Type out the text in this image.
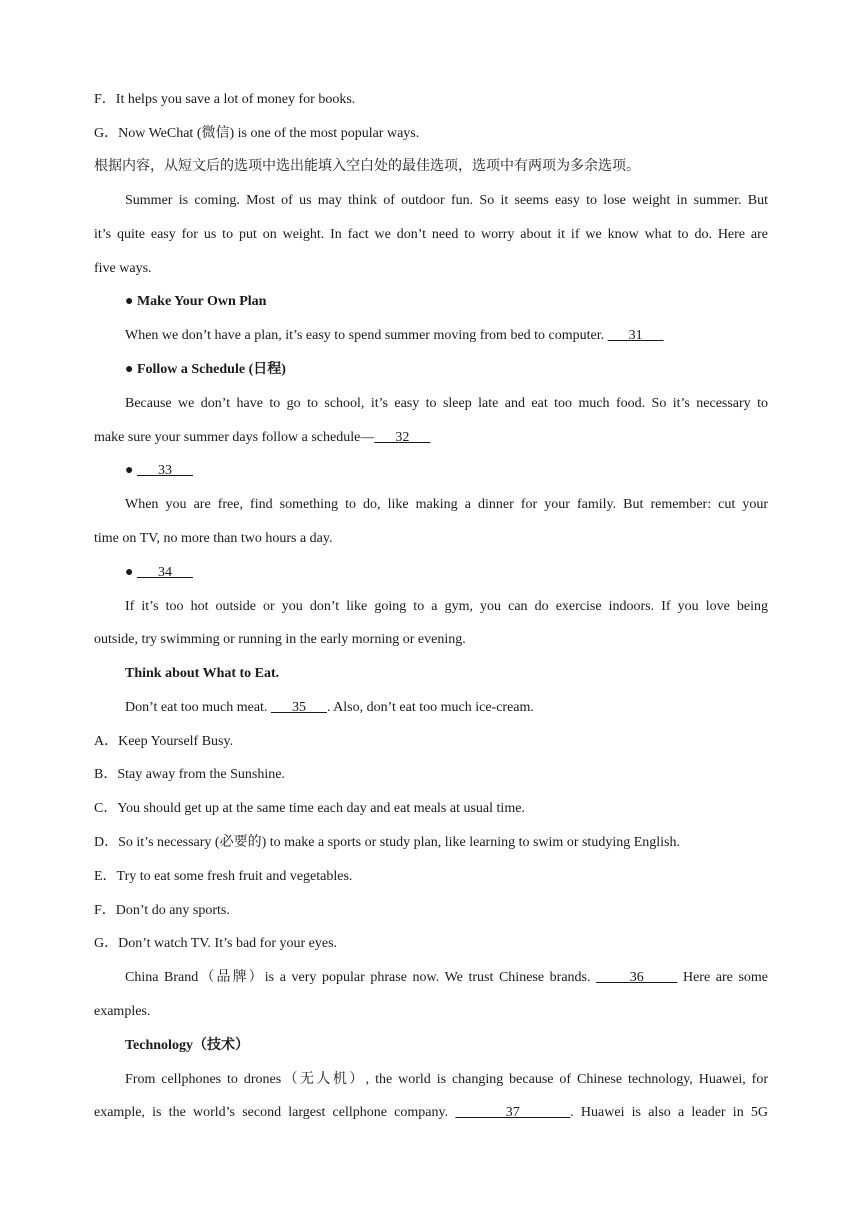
F．It helps you save a lot of money for books.
G．Now WeChat (微信) is one of the most popular ways.
根据内容，从短文后的选项中选出能填入空白处的最佳选项，选项中有两项为多余选项。
Summer is coming. Most of us may think of outdoor fun. So it seems easy to lose weight in summer. But
it’s quite easy for us to put on weight. In fact we don’t need to worry about it if we know what to do. Here are
five ways.
● Make Your Own Plan
When we don’t have a plan, it’s easy to spend summer moving from bed to computer.       31
● Follow a Schedule (日程)
Because we don’t have to go to school, it’s easy to sleep late and eat too much food. So it’s necessary to
make sure your summer days follow a schedule—      32
●       33
When you are free, find something to do, like making a dinner for your family. But remember: cut your
time on TV, no more than two hours a day.
●       34
If it’s too hot outside or you don’t like going to a gym, you can do exercise indoors. If you love being
outside, try swimming or running in the early morning or evening.
Think about What to Eat.
Don’t eat too much meat.       35      . Also, don’t eat too much ice-cream.
A．Keep Yourself Busy.
B．Stay away from the Sunshine.
C．You should get up at the same time each day and eat meals at usual time.
D．So it’s necessary (必要的) to make a sports or study plan, like learning to swim or studying English.
E．Try to eat some fresh fruit and vegetables.
F．Don’t do any sports.
G．Don’t watch TV. It’s bad for your eyes.
China Brand（品牌）is a very popular phrase now. We trust Chinese brands.       36       Here are some
examples.
Technology（技术）
From cellphones to drones（无人机）, the world is changing because of Chinese technology, Huawei, for
example, is the world’s second largest cellphone company.        37       . Huawei is also a leader in 5G
